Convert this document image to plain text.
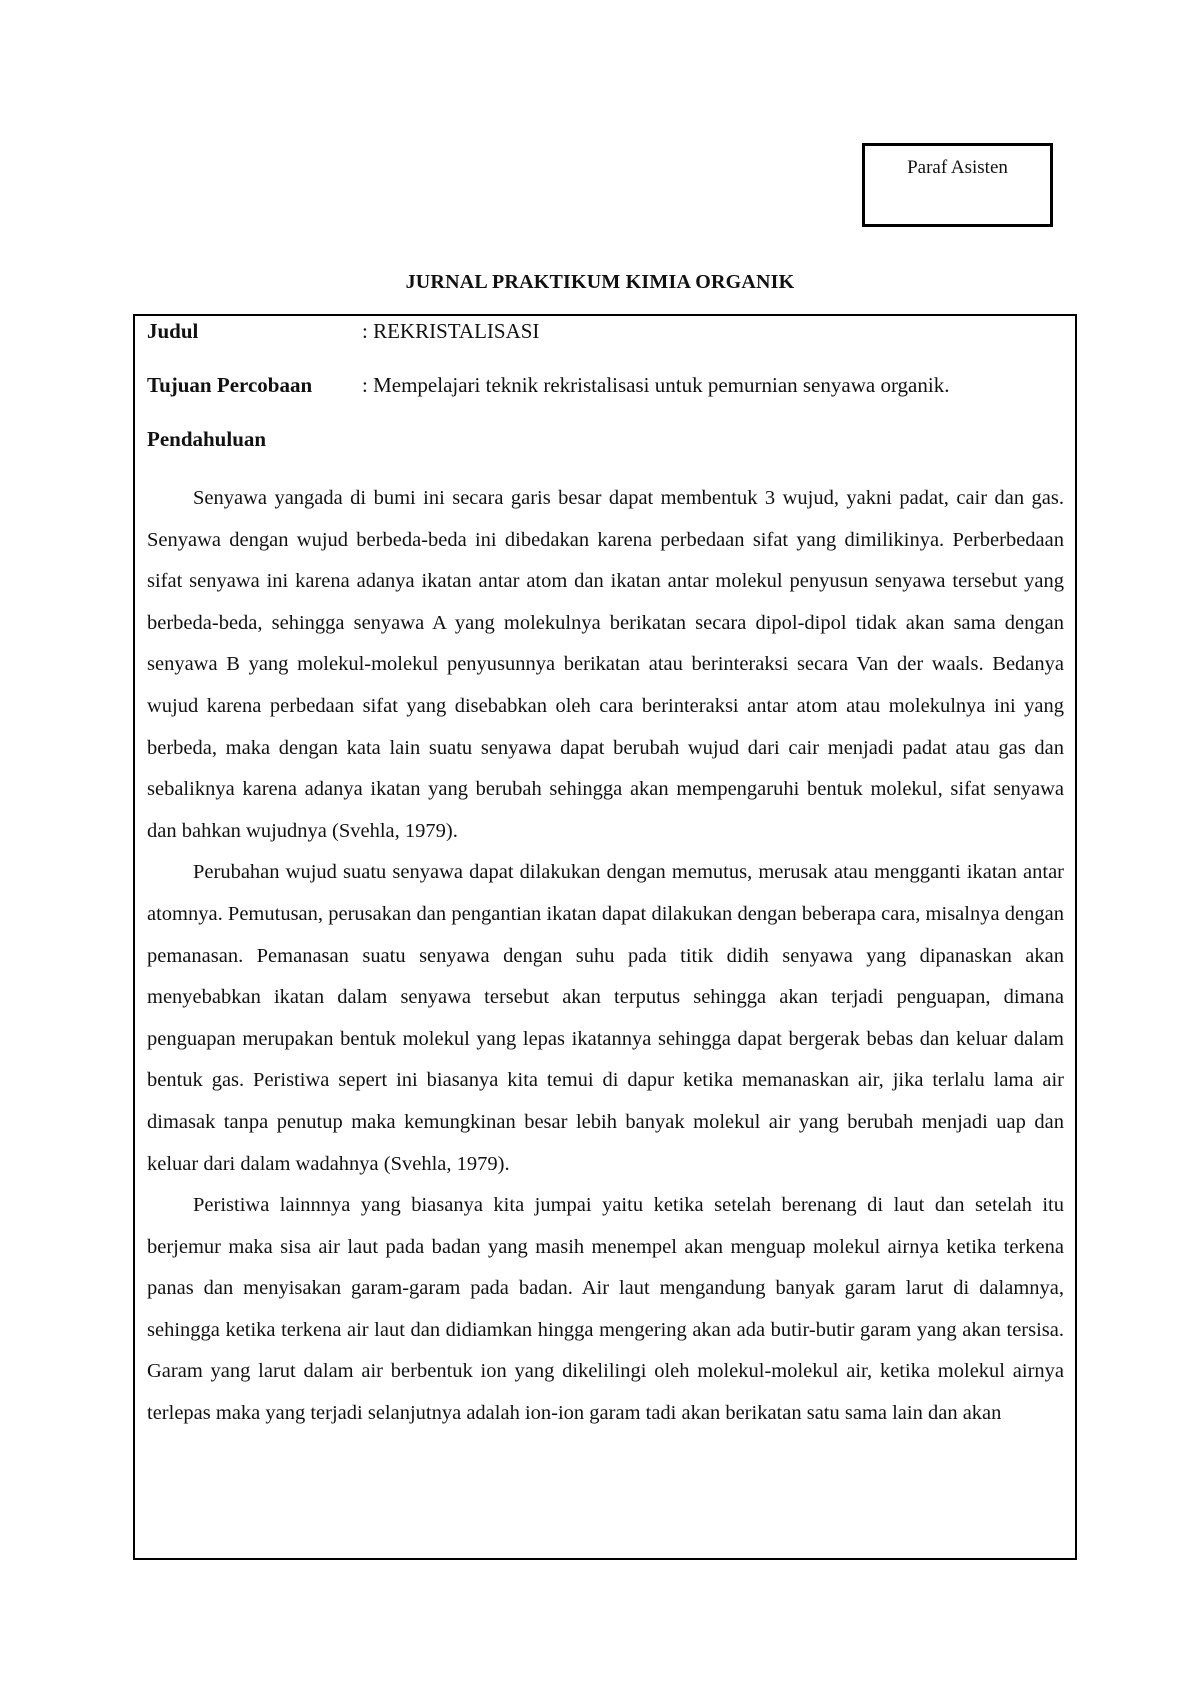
Paraf Asisten
JURNAL PRAKTIKUM KIMIA ORGANIK
Judul	: REKRISTALISASI
Tujuan Percobaan : Mempelajari teknik rekristalisasi untuk pemurnian senyawa organik.
Pendahuluan

Senyawa yangada di bumi ini secara garis besar dapat membentuk 3 wujud, yakni padat, cair dan gas. Senyawa dengan wujud berbeda-beda ini dibedakan karena perbedaan sifat yang dimilikinya. Perberbedaan sifat senyawa ini karena adanya ikatan antar atom dan ikatan antar molekul penyusun senyawa tersebut yang berbeda-beda, sehingga senyawa A yang molekulnya berikatan secara dipol-dipol tidak akan sama dengan senyawa B yang molekul-molekul penyusunnya berikatan atau berinteraksi secara Van der waals. Bedanya wujud karena perbedaan sifat yang disebabkan oleh cara berinteraksi antar atom atau molekulnya ini yang berbeda, maka dengan kata lain suatu senyawa dapat berubah wujud dari cair menjadi padat atau gas dan sebaliknya karena adanya ikatan yang berubah sehingga akan mempengaruhi bentuk molekul, sifat senyawa dan bahkan wujudnya (Svehla, 1979).

Perubahan wujud suatu senyawa dapat dilakukan dengan memutus, merusak atau mengganti ikatan antar atomnya. Pemutusan, perusakan dan pengantian ikatan dapat dilakukan dengan beberapa cara, misalnya dengan pemanasan. Pemanasan suatu senyawa dengan suhu pada titik didih senyawa yang dipanaskan akan menyebabkan ikatan dalam senyawa tersebut akan terputus sehingga akan terjadi penguapan, dimana penguapan merupakan bentuk molekul yang lepas ikatannya sehingga dapat bergerak bebas dan keluar dalam bentuk gas. Peristiwa sepert ini biasanya kita temui di dapur ketika memanaskan air, jika terlalu lama air dimasak tanpa penutup maka kemungkinan besar lebih banyak molekul air yang berubah menjadi uap dan keluar dari dalam wadahnya (Svehla, 1979).

Peristiwa lainnnya yang biasanya kita jumpai yaitu ketika setelah berenang di laut dan setelah itu berjemur maka sisa air laut pada badan yang masih menempel akan menguap molekul airnya ketika terkena panas dan menyisakan garam-garam pada badan. Air laut mengandung banyak garam larut di dalamnya, sehingga ketika terkena air laut dan didiamkan hingga mengering akan ada butir-butir garam yang akan tersisa. Garam yang larut dalam air berbentuk ion yang dikelilingi oleh molekul-molekul air, ketika molekul airnya terlepas maka yang terjadi selanjutnya adalah ion-ion garam tadi akan berikatan satu sama lain dan akan
